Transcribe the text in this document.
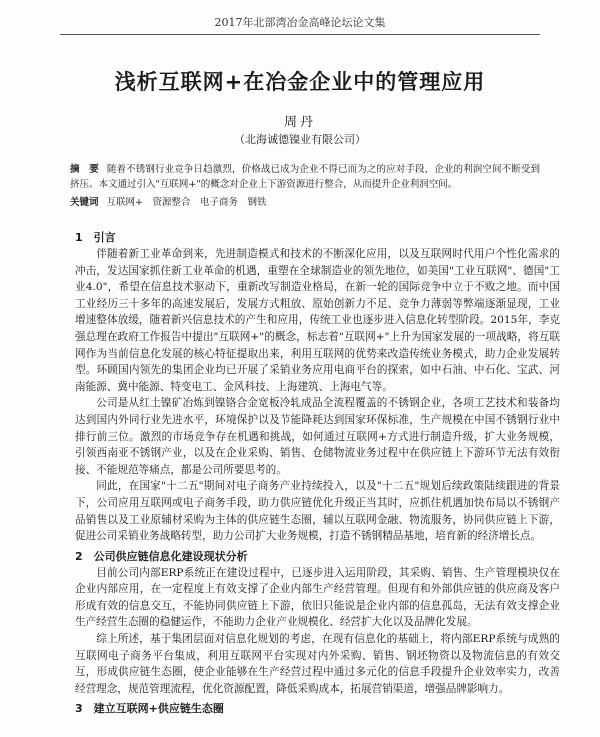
2017年北部湾冶金高峰论坛论文集
浅析互联网+在冶金企业中的管理应用
周丹
（北海诚德镍业有限公司）
摘　要 随着不锈钢行业竞争日趋激烈，价格战已成为企业不得已而为之的应对手段，企业的利润空间不断受到挤压。本文通过引入"互联网+"的概念对企业上下游资源进行整合，从而提升企业利润空间。
关键词 互联网+　资源整合　电子商务　钢铁
1　引言

伴随着新工业革命到来，先进制造模式和技术的不断深化应用，以及互联网时代用户个性化需求的冲击，发达国家抓住新工业革命的机遇，重塑在全球制造业的领先地位，如美国"工业互联网"、德国"工业4.0"，希望在信息技术驱动下，重新改写制造业格局，在新一轮的国际竞争中立于不败之地。而中国工业经历三十多年的高速发展后，发展方式粗放、原始创新力不足、竞争力薄弱等弊端逐渐显现，工业增速整体放缓，随着新兴信息技术的产生和应用，传统工业也逐步进入信息化转型阶段。2015年，李克强总理在政府工作报告中提出"互联网+"的概念，标志着"互联网+"上升为国家发展的一项战略，将互联网作为当前信息化发展的核心特征提取出来，利用互联网的优势来改造传统业务模式，助力企业发展转型。环顾国内领先的集团企业均已开展了采销业务应用电商平台的探索，如中石油、中石化、宝武、河南能源、冀中能源、特变电工、金风科技、上海建筑、上海电气等。

公司是从红土镍矿冶炼到镍铬合金宽板冷轧成品全流程覆盖的不锈钢企业，各项工艺技术和装备均达到国内外同行业先进水平，环境保护以及节能降耗达到国家环保标准，生产规模在中国不锈钢行业中排行前三位。激烈的市场竞争存在机遇和挑战，如何通过互联网+方式进行制造升级，扩大业务规模，引领西南亚不锈钢产业，以及在企业采购、销售、仓储物流业务过程中在供应链上下游环节无法有效衔接、不能规范等痛点，都是公司所要思考的。

同此，在国家"十二五"期间对电子商务产业持续投入，以及"十二五"规划后续政策陆续跟进的背景下，公司应用互联网或电子商务手段，助力供应链优化升级正当其时，应抓住机遇加快布局以不锈钢产品销售以及工业原辅材采购为主体的供应链生态圈，辅以互联网金融、物流服务，协同供应链上下游，促进公司采销业务战略转型，助力公司扩大业务规模，打造不锈钢精品基地，培育新的经济增长点。

2　公司供应链信息化建设现状分析

目前公司内部ERP系统正在建设过程中，已逐步进入运用阶段，其采购、销售、生产管理模块仅在企业内部应用，在一定程度上有效支撑了企业内部生产经营管理。但现有和外部供应链的供应商及客户形成有效的信息交互，不能协同供应链上下游，依旧只能说是企业内部的信息孤岛，无法有效支撑企业生产经营生态圈的稳健运作，不能助力企业产业规模化、经营扩大化以及品牌化发展。

综上所述，基于集团层面对信息化规划的考虑，在现有信息化的基础上，将内部ERP系统与成熟的互联网电子商务平台集成，利用互联网平台实现对内外采购、销售、钢坯物资以及物流信息的有效交互，形成供应链生态圈，使企业能够在生产经营过程中通过多元化的信息手段提升企业效率实力，改善经营理念，规范管理流程，优化资源配置，降低采购成本，拓展营销渠道，增强品牌影响力。

3　建立互联网+供应链生态圈
